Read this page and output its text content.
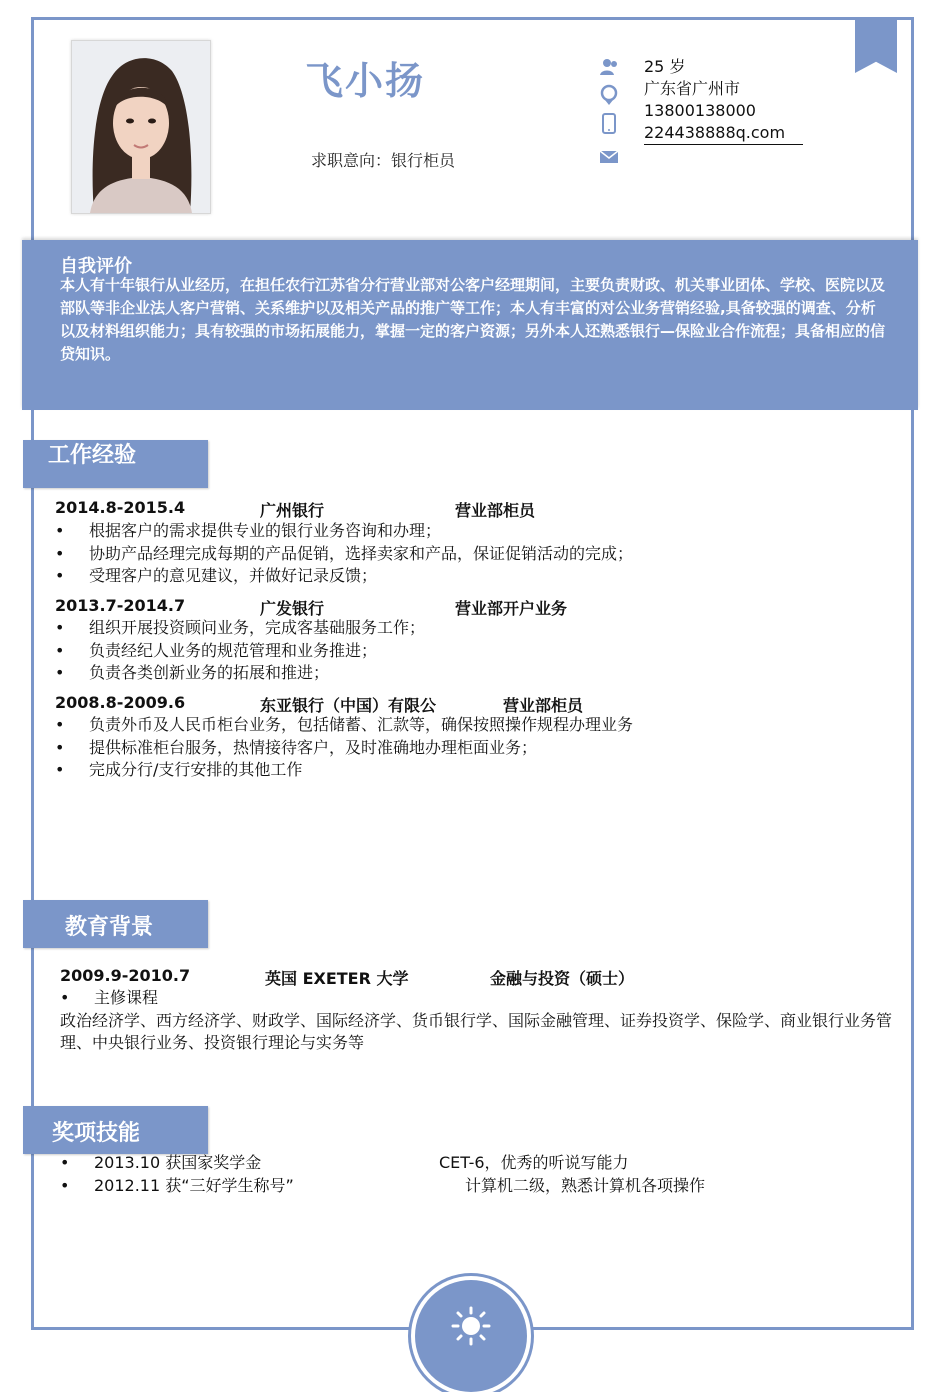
飞小扬
求职意向：银行柜员
25 岁
广东省广州市
13800138000
224438888q.com
自我评价
本人有十年银行从业经历，在担任农行江苏省分行营业部对公客户经理期间，主要负责财政、机关事业团体、学校、医院以及部队等非企业法人客户营销、关系维护以及相关产品的推广等工作；本人有丰富的对公业务营销经验,具备较强的调查、分析以及材料组织能力；具有较强的市场拓展能力，掌握一定的客户资源；另外本人还熟悉银行—保险业合作流程；具备相应的信贷知识。
工作经验
2014.8-2015.4	广州银行	营业部柜员
• 根据客户的需求提供专业的银行业务咨询和办理；
• 协助产品经理完成每期的产品促销，选择卖家和产品，保证促销活动的完成；
• 受理客户的意见建议，并做好记录反馈；
2013.7-2014.7	广发银行	营业部开户业务
• 组织开展投资顾问业务，完成客基础服务工作；
• 负责经纪人业务的规范管理和业务推进；
• 负责各类创新业务的拓展和推进；
2008.8-2009.6	东亚银行（中国）有限公	营业部柜员
• 负责外币及人民币柜台业务，包括储蓄、汇款等，确保按照操作规程办理业务
• 提供标准柜台服务，热情接待客户，及时准确地办理柜面业务；
• 完成分行/支行安排的其他工作
教育背景
2009.9-2010.7	英国 EXETER 大学	金融与投资（硕士）
• 主修课程
政治经济学、西方经济学、财政学、国际经济学、货币银行学、国际金融管理、证券投资学、保险学、商业银行业务管理、中央银行业务、投资银行理论与实务等
奖项技能
• 2013.10 获国家奖学金	CET-6，优秀的听说写能力
• 2012.11 获“三好学生称号”	计算机二级，熟悉计算机各项操作
